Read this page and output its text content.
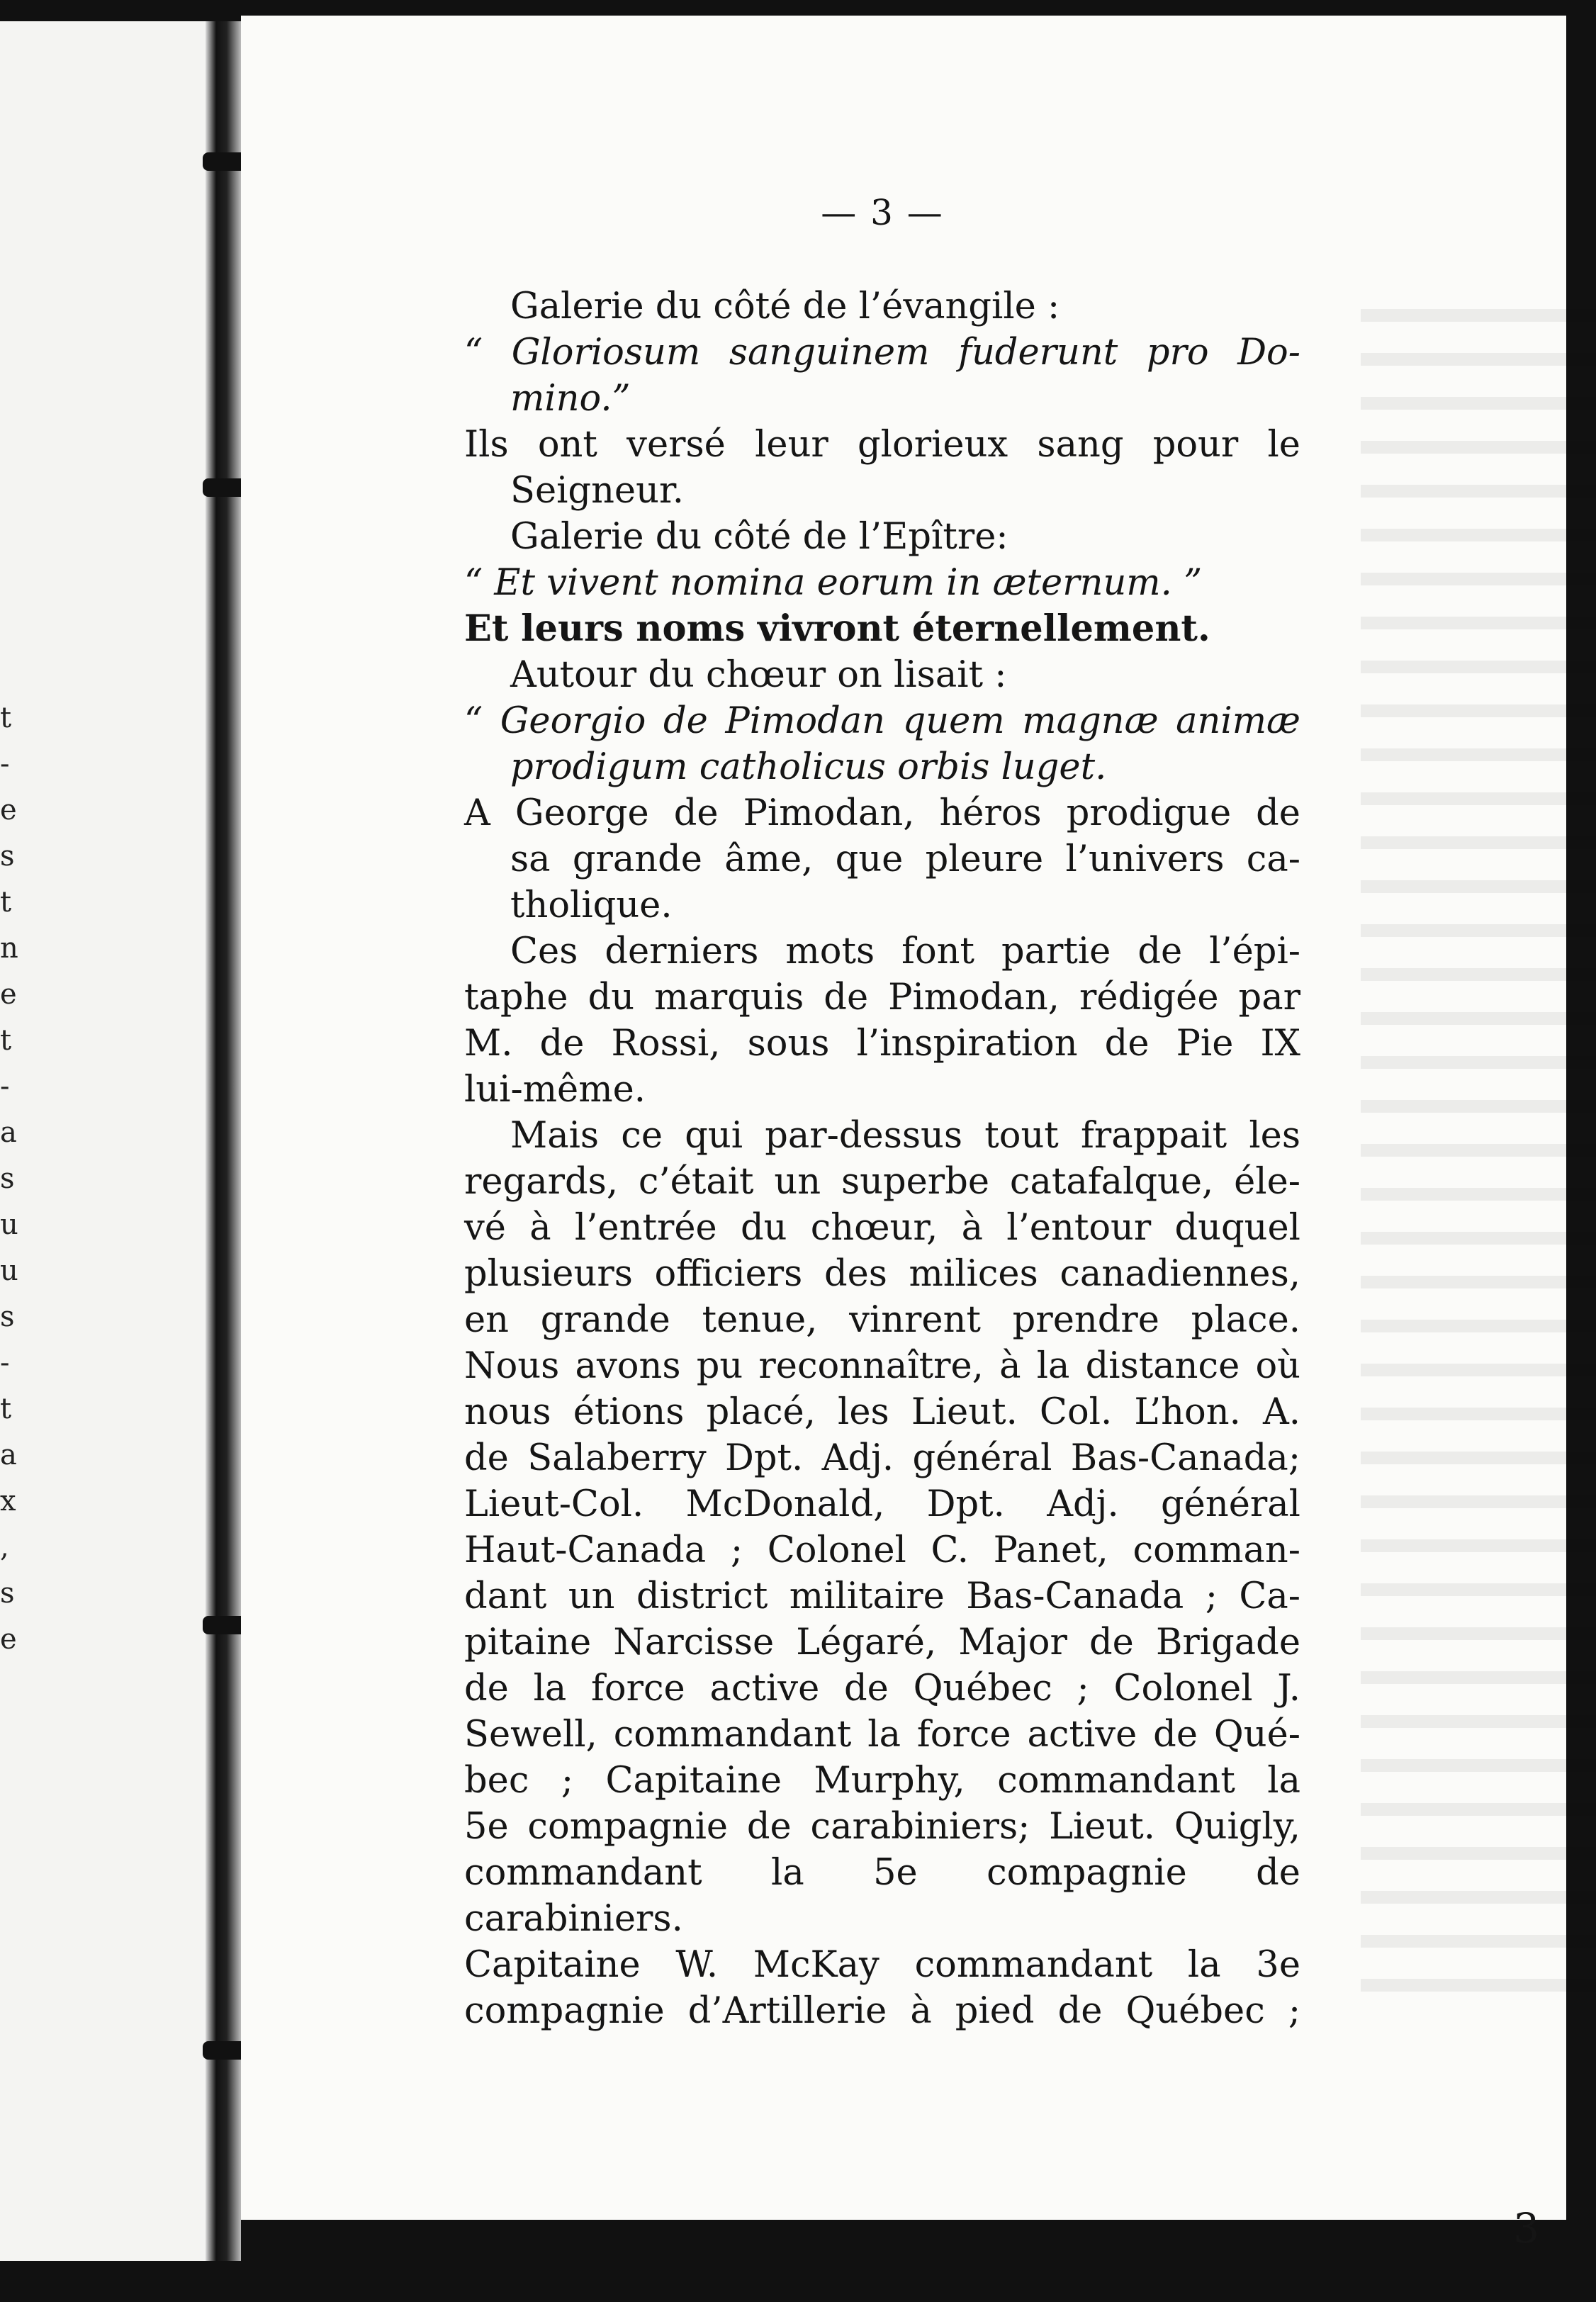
t
-
e
s
t
n
e
t
-
a
s
u
u
s
-
t
a
x
,
s
e
— 3 —

Galerie du côté de l’évangile :

“ Gloriosum sanguinem fuderunt pro Do-

mino.”

Ils ont versé leur glorieux sang pour le

Seigneur.

Galerie du côté de l’Epître:

“ Et vivent nomina eorum in æternum. ”

Et leurs noms vivront éternellement.

Autour du chœur on lisait :

“ Georgio de Pimodan quem magnæ animæ

prodigum catholicus orbis luget.

A George de Pimodan, héros prodigue de

sa grande âme, que pleure l’univers ca-

tholique.

Ces derniers mots font partie de l’épi-

taphe du marquis de Pimodan, rédigée par

M. de Rossi, sous l’inspiration de Pie IX

lui-même.

Mais ce qui par-dessus tout frappait les

regards, c’était un superbe catafalque, éle-

vé à l’entrée du chœur, à l’entour duquel

plusieurs officiers des milices canadiennes,

en grande tenue, vinrent prendre place.

Nous avons pu reconnaître, à la distance où

nous étions placé, les Lieut. Col. L’hon. A.

de Salaberry Dpt. Adj. général Bas-Canada;

Lieut-Col. McDonald, Dpt. Adj. général

Haut-Canada ; Colonel C. Panet, comman-

dant un district militaire Bas-Canada ; Ca-

pitaine Narcisse Légaré, Major de Brigade

de la force active de Québec ; Colonel J.

Sewell, commandant la force active de Qué-

bec ; Capitaine Murphy, commandant la

5e compagnie de carabiniers; Lieut. Quigly,

commandant la 5e compagnie de carabiniers.

Capitaine W. McKay commandant la 3e

compagnie d’Artillerie à pied de Québec ;

3
